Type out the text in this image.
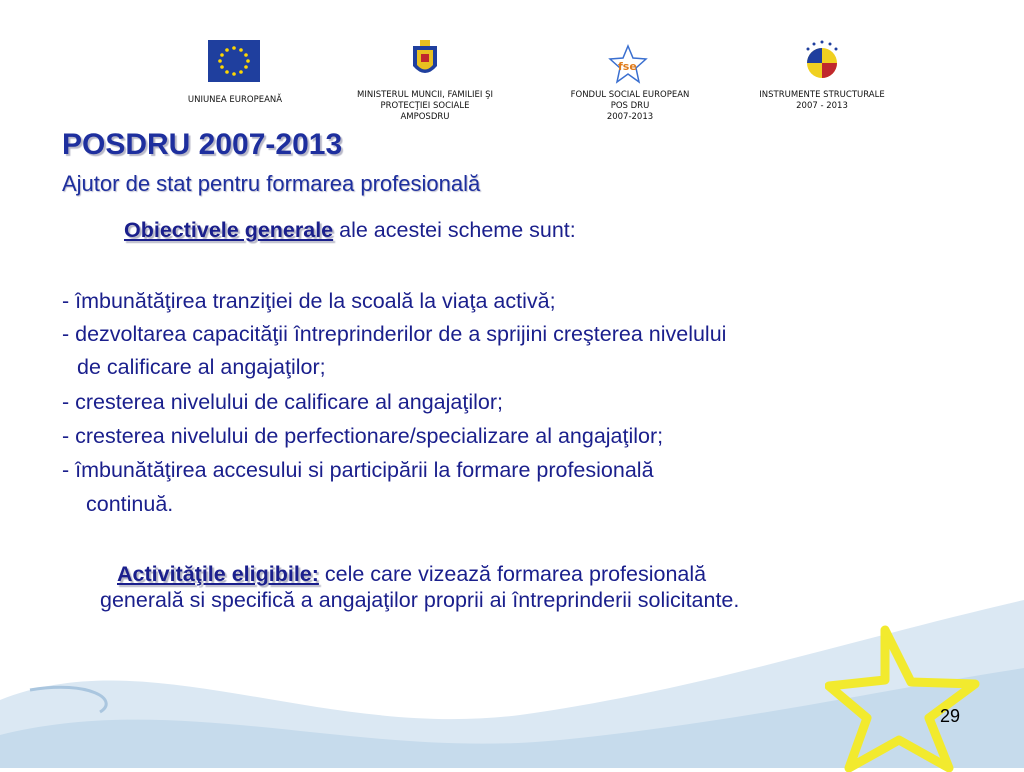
UNIUNEA EUROPEANĂ	MINISTERUL MUNCII, FAMILIEI ŞI
PROTECŢIEI SOCIALE
AMPOSDRU
fse
FONDUL SOCIAL EUROPEAN
POS DRU
2007-2013
INSTRUMENTE STRUCTURALE
2007 - 2013
POSDRU 2007-2013
Ajutor de stat pentru formarea profesională
Obiectivele generale ale acestei scheme sunt:
- îmbunătăţirea tranziţiei de la scoală la viaţa activă;
- dezvoltarea capacităţii întreprinderilor de a sprijini creşterea nivelului
de calificare al angajaţilor;
- cresterea nivelului de calificare al angajaţilor;
- cresterea nivelului de perfectionare/specializare al angajaţilor;
- îmbunătăţirea accesului si participării la formare profesională
continuă.
Activităţile eligibile: cele care vizează formarea profesională
generală si specifică a angajaţilor proprii ai întreprinderii solicitante.
29
